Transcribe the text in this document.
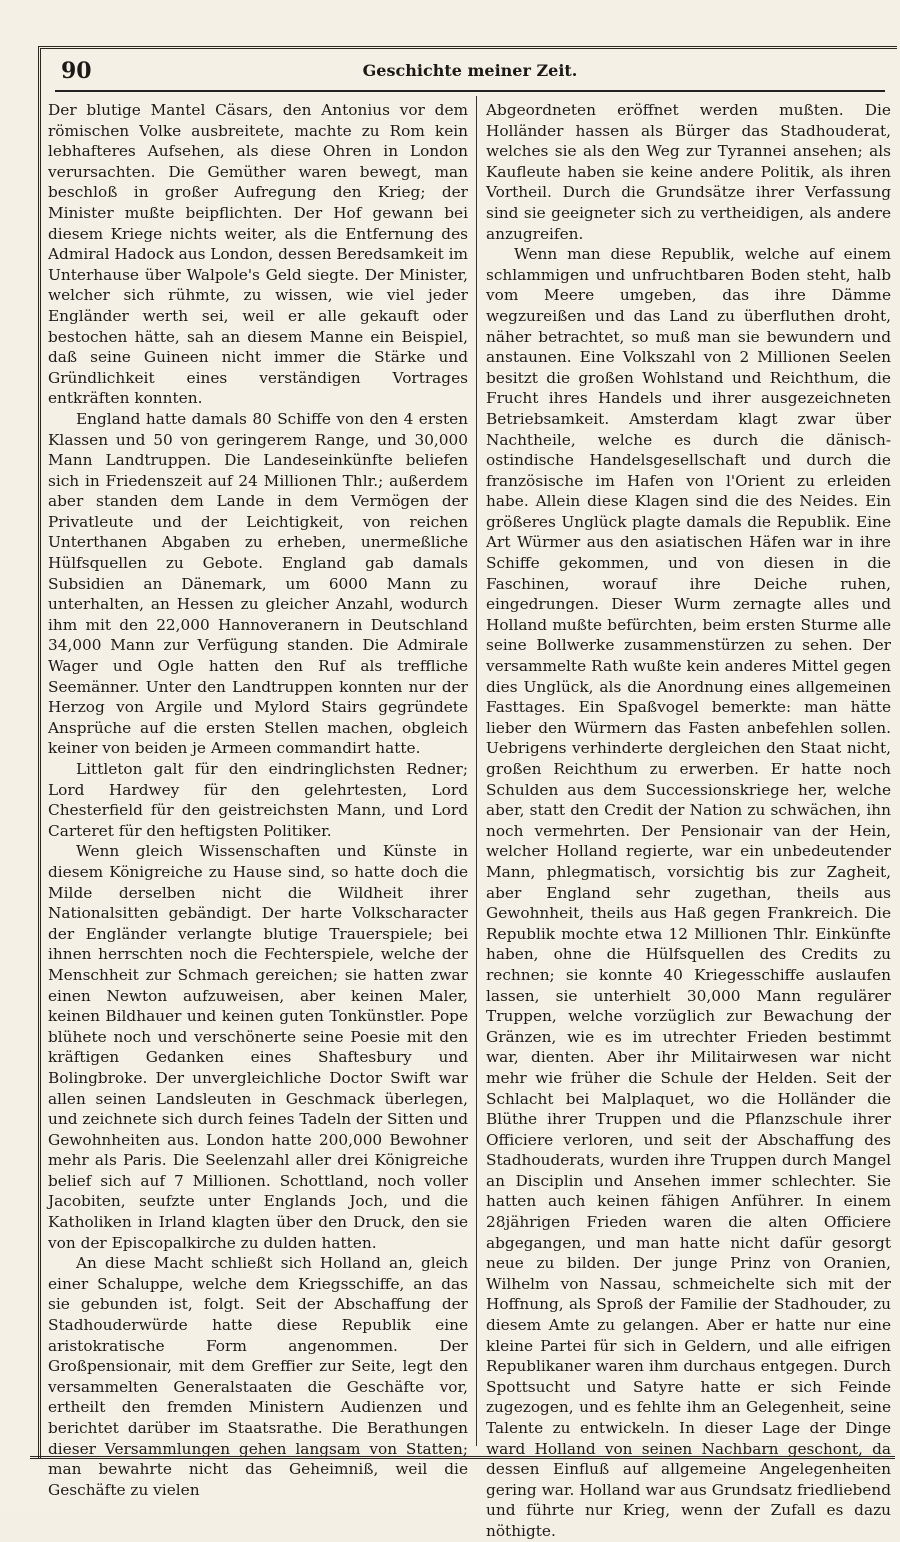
90	Geschichte meiner Zeit.

Der blutige Mantel Cäsars, den Antonius vor dem römischen Volke ausbreitete, machte zu Rom kein lebhafteres Aufsehen, als diese Ohren in London verursachten. Die Gemüther waren bewegt, man beschloß in großer Aufregung den Krieg; der Minister mußte beipflichten. Der Hof gewann bei diesem Kriege nichts weiter, als die Entfernung des Admiral Hadock aus London, dessen Beredsamkeit im Unterhause über Walpole's Geld siegte. Der Minister, welcher sich rühmte, zu wissen, wie viel jeder Engländer werth sei, weil er alle gekauft oder bestochen hätte, sah an diesem Manne ein Beispiel, daß seine Guineen nicht immer die Stärke und Gründlichkeit eines verständigen Vortrages entkräften konnten.

England hatte damals 80 Schiffe von den 4 ersten Klassen und 50 von geringerem Range, und 30,000 Mann Landtruppen. Die Landeseinkünfte beliefen sich in Friedenszeit auf 24 Millionen Thlr.; außerdem aber standen dem Lande in dem Vermögen der Privatleute und der Leichtigkeit, von reichen Unterthanen Abgaben zu erheben, unermeßliche Hülfsquellen zu Gebote. England gab damals Subsidien an Dänemark, um 6000 Mann zu unterhalten, an Hessen zu gleicher Anzahl, wodurch ihm mit den 22,000 Hannoveranern in Deutschland 34,000 Mann zur Verfügung standen. Die Admirale Wager und Ogle hatten den Ruf als treffliche Seemänner. Unter den Landtruppen konnten nur der Herzog von Argile und Mylord Stairs gegründete Ansprüche auf die ersten Stellen machen, obgleich keiner von beiden je Armeen commandirt hatte.

Littleton galt für den eindringlichsten Redner; Lord Hardwey für den gelehrtesten, Lord Chesterfield für den geistreichsten Mann, und Lord Carteret für den heftigsten Politiker.

Wenn gleich Wissenschaften und Künste in diesem Königreiche zu Hause sind, so hatte doch die Milde derselben nicht die Wildheit ihrer Nationalsitten gebändigt. Der harte Volkscharacter der Engländer verlangte blutige Trauerspiele; bei ihnen herrschten noch die Fechterspiele, welche der Menschheit zur Schmach gereichen; sie hatten zwar einen Newton aufzuweisen, aber keinen Maler, keinen Bildhauer und keinen guten Tonkünstler. Pope blühete noch und verschönerte seine Poesie mit den kräftigen Gedanken eines Shaftesbury und Bolingbroke. Der unvergleichliche Doctor Swift war allen seinen Landsleuten in Geschmack überlegen, und zeichnete sich durch feines Tadeln der Sitten und Gewohnheiten aus. London hatte 200,000 Bewohner mehr als Paris. Die Seelenzahl aller drei Königreiche belief sich auf 7 Millionen. Schottland, noch voller Jacobiten, seufzte unter Englands Joch, und die Katholiken in Irland klagten über den Druck, den sie von der Episcopalkirche zu dulden hatten.

An diese Macht schließt sich Holland an, gleich einer Schaluppe, welche dem Kriegsschiffe, an das sie gebunden ist, folgt. Seit der Abschaffung der Stadhouderwürde hatte diese Republik eine aristokratische Form angenommen. Der Großpensionair, mit dem Greffier zur Seite, legt den versammelten Generalstaaten die Geschäfte vor, ertheilt den fremden Ministern Audienzen und berichtet darüber im Staatsrathe. Die Berathungen dieser Versammlungen gehen langsam von Statten; man bewahrte nicht das Geheimniß, weil die Geschäfte zu vielen

Abgeordneten eröffnet werden mußten. Die Holländer hassen als Bürger das Stadhouderat, welches sie als den Weg zur Tyrannei ansehen; als Kaufleute haben sie keine andere Politik, als ihren Vortheil. Durch die Grundsätze ihrer Verfassung sind sie geeigneter sich zu vertheidigen, als andere anzugreifen.

Wenn man diese Republik, welche auf einem schlammigen und unfruchtbaren Boden steht, halb vom Meere umgeben, das ihre Dämme wegzureißen und das Land zu überfluthen droht, näher betrachtet, so muß man sie bewundern und anstaunen. Eine Volkszahl von 2 Millionen Seelen besitzt die großen Wohlstand und Reichthum, die Frucht ihres Handels und ihrer ausgezeichneten Betriebsamkeit. Amsterdam klagt zwar über Nachtheile, welche es durch die dänisch-ostindische Handelsgesellschaft und durch die französische im Hafen von l'Orient zu erleiden habe. Allein diese Klagen sind die des Neides. Ein größeres Unglück plagte damals die Republik. Eine Art Würmer aus den asiatischen Häfen war in ihre Schiffe gekommen, und von diesen in die Faschinen, worauf ihre Deiche ruhen, eingedrungen. Dieser Wurm zernagte alles und Holland mußte befürchten, beim ersten Sturme alle seine Bollwerke zusammenstürzen zu sehen. Der versammelte Rath wußte kein anderes Mittel gegen dies Unglück, als die Anordnung eines allgemeinen Fasttages. Ein Spaßvogel bemerkte: man hätte lieber den Würmern das Fasten anbefehlen sollen. Uebrigens verhinderte dergleichen den Staat nicht, großen Reichthum zu erwerben. Er hatte noch Schulden aus dem Successionskriege her, welche aber, statt den Credit der Nation zu schwächen, ihn noch vermehrten. Der Pensionair van der Hein, welcher Holland regierte, war ein unbedeutender Mann, phlegmatisch, vorsichtig bis zur Zagheit, aber England sehr zugethan, theils aus Gewohnheit, theils aus Haß gegen Frankreich. Die Republik mochte etwa 12 Millionen Thlr. Einkünfte haben, ohne die Hülfsquellen des Credits zu rechnen; sie konnte 40 Kriegesschiffe auslaufen lassen, sie unterhielt 30,000 Mann regulärer Truppen, welche vorzüglich zur Bewachung der Gränzen, wie es im utrechter Frieden bestimmt war, dienten. Aber ihr Militairwesen war nicht mehr wie früher die Schule der Helden. Seit der Schlacht bei Malplaquet, wo die Holländer die Blüthe ihrer Truppen und die Pflanzschule ihrer Officiere verloren, und seit der Abschaffung des Stadhouderats, wurden ihre Truppen durch Mangel an Disciplin und Ansehen immer schlechter. Sie hatten auch keinen fähigen Anführer. In einem 28jährigen Frieden waren die alten Officiere abgegangen, und man hatte nicht dafür gesorgt neue zu bilden. Der junge Prinz von Oranien, Wilhelm von Nassau, schmeichelte sich mit der Hoffnung, als Sproß der Familie der Stadhouder, zu diesem Amte zu gelangen. Aber er hatte nur eine kleine Partei für sich in Geldern, und alle eifrigen Republikaner waren ihm durchaus entgegen. Durch Spottsucht und Satyre hatte er sich Feinde zugezogen, und es fehlte ihm an Gelegenheit, seine Talente zu entwickeln. In dieser Lage der Dinge ward Holland von seinen Nachbarn geschont, da dessen Einfluß auf allgemeine Angelegenheiten gering war. Holland war aus Grundsatz friedliebend und führte nur Krieg, wenn der Zufall es dazu nöthigte.
